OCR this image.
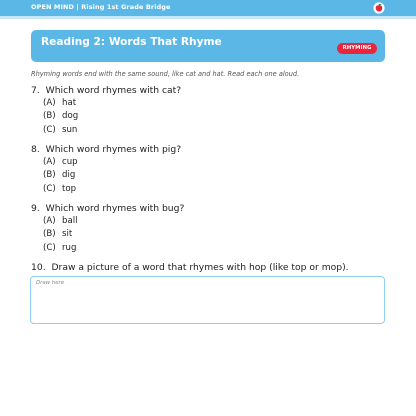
OPEN MIND | Rising 1st Grade Bridge
Reading 2: Words That Rhyme	RHYMING
Rhyming words end with the same sound, like cat and hat. Read each one aloud.
7. Which word rhymes with cat?
(A) hat
(B) dog
(C) sun
8. Which word rhymes with pig?
(A) cup
(B) dig
(C) top
9. Which word rhymes with bug?
(A) ball
(B) sit
(C) rug
10. Draw a picture of a word that rhymes with hop (like top or mop).
Draw here
